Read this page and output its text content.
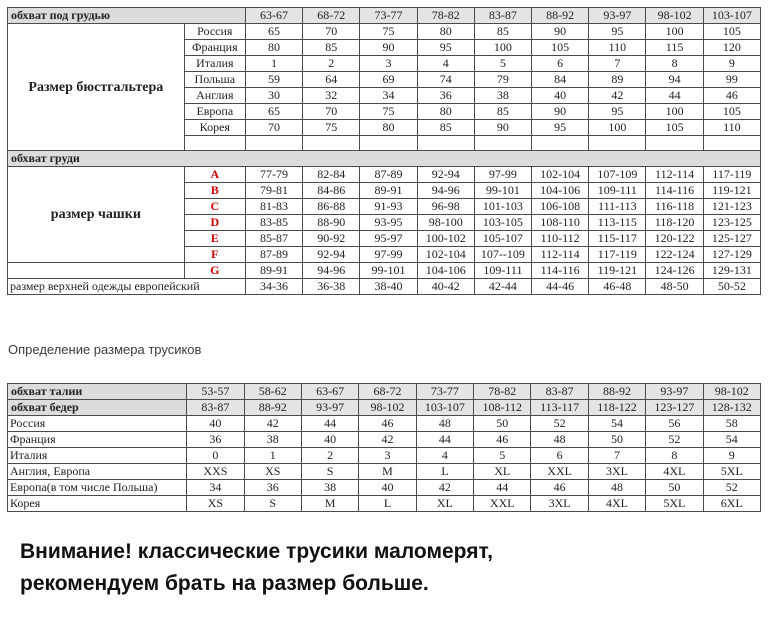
обхват под грудью		63-67	68-72	73-77	78-82	83-87	88-92	93-97	98-102	103-107
Размер бюстгальтера	Россия	65	70	75	80	85	90	95	100	105
	Франция	80	85	90	95	100	105	110	115	120
	Италия	1	2	3	4	5	6	7	8	9
	Польша	59	64	69	74	79	84	89	94	99
	Англия	30	32	34	36	38	40	42	44	46
	Европа	65	70	75	80	85	90	95	100	105
	Корея	70	75	80	85	90	95	100	105	110

обхват груди										
размер чашки	A	77-79	82-84	87-89	92-94	97-99	102-104	107-109	112-114	117-119
	B	79-81	84-86	89-91	94-96	99-101	104-106	109-111	114-116	119-121
	C	81-83	86-88	91-93	96-98	101-103	106-108	111-113	116-118	121-123
	D	83-85	88-90	93-95	98-100	103-105	108-110	113-115	118-120	123-125
	E	85-87	90-92	95-97	100-102	105-107	110-112	115-117	120-122	125-127
	F	87-89	92-94	97-99	102-104	107--109	112-114	117-119	122-124	127-129
	G	89-91	94-96	99-101	104-106	109-111	114-116	119-121	124-126	129-131
размер верхней одежды европейский		34-36	36-38	38-40	40-42	42-44	44-46	46-48	48-50	50-52
Определение размера трусиков
обхват талии	53-57	58-62	63-67	68-72	73-77	78-82	83-87	88-92	93-97	98-102
обхват бедер	83-87	88-92	93-97	98-102	103-107	108-112	113-117	118-122	123-127	128-132
Россия	40	42	44	46	48	50	52	54	56	58
Франция	36	38	40	42	44	46	48	50	52	54
Италия	0	1	2	3	4	5	6	7	8	9
Англия, Европа	XXS	XS	S	M	L	XL	XXL	3XL	4XL	5XL
Европа(в том числе Польша)	34	36	38	40	42	44	46	48	50	52
Корея	XS	S	M	L	XL	XXL	3XL	4XL	5XL	6XL
Внимание! классические трусики маломерят,
рекомендуем брать на размер больше.
